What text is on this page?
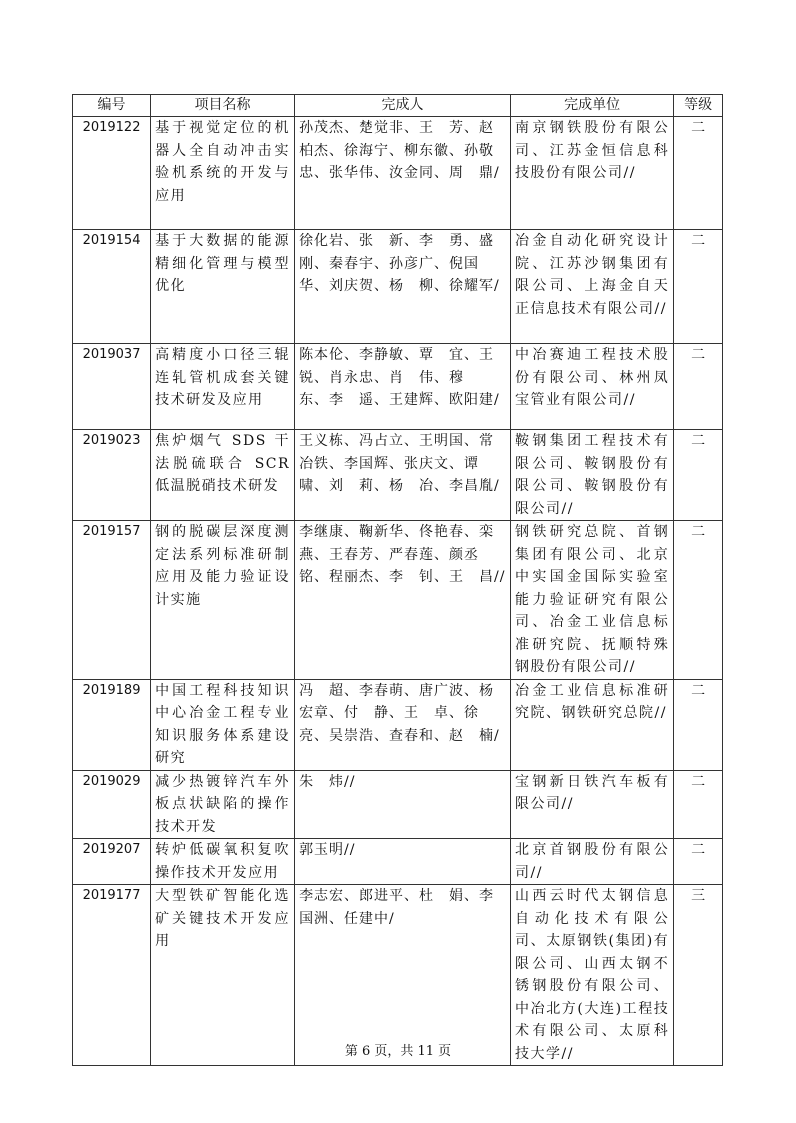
编号	项目名称	完成人	完成单位	等级
2019122	基于视觉定位的机器人全自动冲击实验机系统的开发与应用	孙茂杰、楚觉非、王　芳、赵柏杰、徐海宁、柳东徽、孙敬忠、张华伟、汝金同、周　鼎/	南京钢铁股份有限公司、江苏金恒信息科技股份有限公司//	二
2019154	基于大数据的能源精细化管理与模型优化	徐化岩、张　新、李　勇、盛　刚、秦春宇、孙彦广、倪国华、刘庆贺、杨　柳、徐耀军/	冶金自动化研究设计院、江苏沙钢集团有限公司、上海金自天正信息技术有限公司//	二
2019037	高精度小口径三辊连轧管机成套关键技术研发及应用	陈本伦、李静敏、覃　宜、王　锐、肖永忠、肖　伟、穆　东、李　遥、王建辉、欧阳建/	中冶赛迪工程技术股份有限公司、林州凤宝管业有限公司//	二
2019023	焦炉烟气 SDS 干法脱硫联合 SCR 低温脱硝技术研发	王义栋、冯占立、王明国、常冶铁、李国辉、张庆文、谭　啸、刘　莉、杨　冶、李昌胤/	鞍钢集团工程技术有限公司、鞍钢股份有限公司、鞍钢股份有限公司//	二
2019157	钢的脱碳层深度测定法系列标准研制应用及能力验证设计实施	李继康、鞠新华、佟艳春、栾　燕、王春芳、严春莲、颜丞铭、程丽杰、李　钊、王　昌//	钢铁研究总院、首钢集团有限公司、北京中实国金国际实验室能力验证研究有限公司、冶金工业信息标准研究院、抚顺特殊钢股份有限公司//	二
2019189	中国工程科技知识中心冶金工程专业知识服务体系建设研究	冯　超、李春萌、唐广波、杨宏章、付　静、王　卓、徐　亮、吴崇浩、查春和、赵　楠/	冶金工业信息标准研究院、钢铁研究总院//	二
2019029	减少热镀锌汽车外板点状缺陷的操作技术开发	朱　炜//	宝钢新日铁汽车板有限公司//	二
2019207	转炉低碳氧积复吹操作技术开发应用	郭玉明//	北京首钢股份有限公司//	二
2019177	大型铁矿智能化选矿关键技术开发应用	李志宏、郎进平、杜　娟、李国洲、任建中/	山西云时代太钢信息自动化技术有限公司、太原钢铁(集团)有限公司、山西太钢不锈钢股份有限公司、中冶北方(大连)工程技术有限公司、太原科技大学//	三
第 6 页，共 11 页
